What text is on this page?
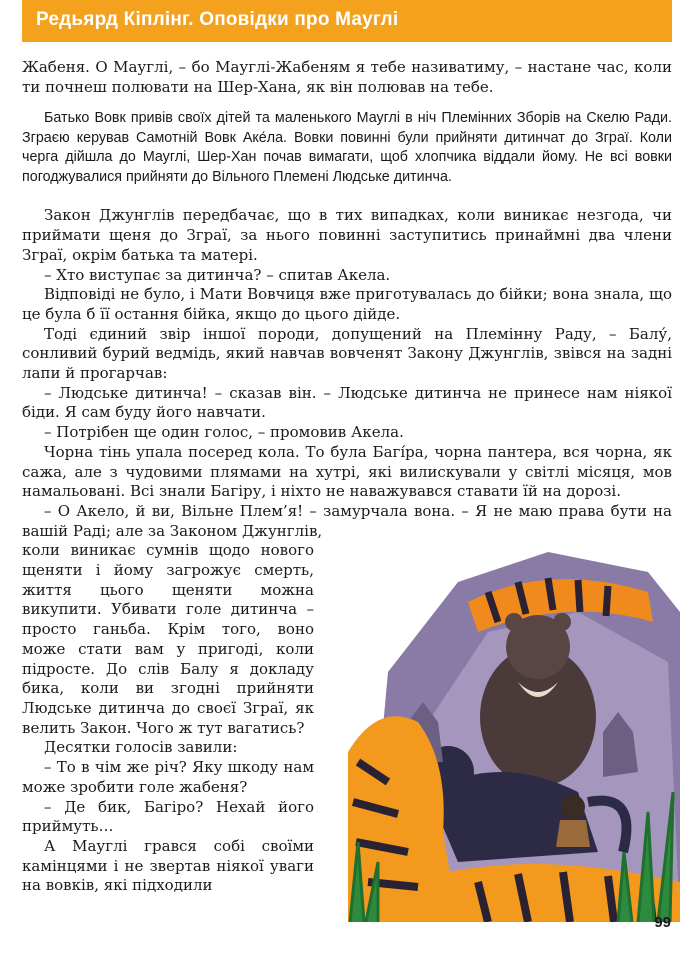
Редьярд Кіплінг. Оповідки про Мауглі

Жабеня. О Мауглі, – бо Мауглі-Жабеням я тебе називатиму, – настане час, коли ти почнеш полювати на Шер-Хана, як він полював на тебе.

Батько Вовк привів своїх дітей та маленького Мауглі в ніч Племінних Зборів на Скелю Ради. Зграєю керував Самотній Вовк Аке́ла. Вовки повинні були прийняти дитинчат до Зграї. Коли черга дійшла до Мауглі, Шер-Хан почав вимагати, щоб хлопчика віддали йому. Не всі вовки погоджувалися прийняти до Вільного Племені Людське дитинча.

Закон Джунглів передбачає, що в тих випадках, коли виникає незгода, чи приймати щеня до Зграї, за нього повинні заступитись принаймні два члени Зграї, окрім батька та матері.

– Хто виступає за дитинча? – спитав Акела.

Відповіді не було, і Мати Вовчиця вже приготувалась до бійки; вона знала, що це була б її остання бійка, якщо до цього дійде.

Тоді єдиний звір іншої породи, допущений на Племінну Раду, – Балу́, сонливий бурий ведмідь, який навчав вовченят Закону Джунглів, звівся на задні лапи й прогарчав:

– Людське дитинча! – сказав він. – Людське дитинча не принесе нам ніякої біди. Я сам буду його навчати.

– Потрібен ще один голос, – промовив Акела.

Чорна тінь упала посеред кола. То була Багі́ра, чорна пантера, вся чорна, як сажа, але з чудовими плямами на хутрі, які вилискували у світлі місяця, мов намальовані. Всі знали Багіру, і ніхто не наважувався ставати їй на дорозі.

– О Акело, й ви, Вільне Плем’я! – замурчала вона. – Я не маю права бути на вашій Раді; але за Законом Джунглів,

коли виникає сумнів щодо нового щеняти і йому загрожує смерть, життя цього щеняти можна викупити. Убивати голе дитинча – просто ганьба. Крім того, воно може стати вам у пригоді, коли підросте. До слів Балу я докладу бика, коли ви згодні прийняти Людське дитинча до своєї Зграї, як велить Закон. Чого ж тут вагатись?

Десятки голосів завили:

– То в чім же річ? Яку шкоду нам може зробити голе жабеня?

– Де бик, Багіро? Нехай його приймуть…

А Мауглі грався собі своїми камінцями і не звертав ніякої уваги на вовків, які підходили

99
